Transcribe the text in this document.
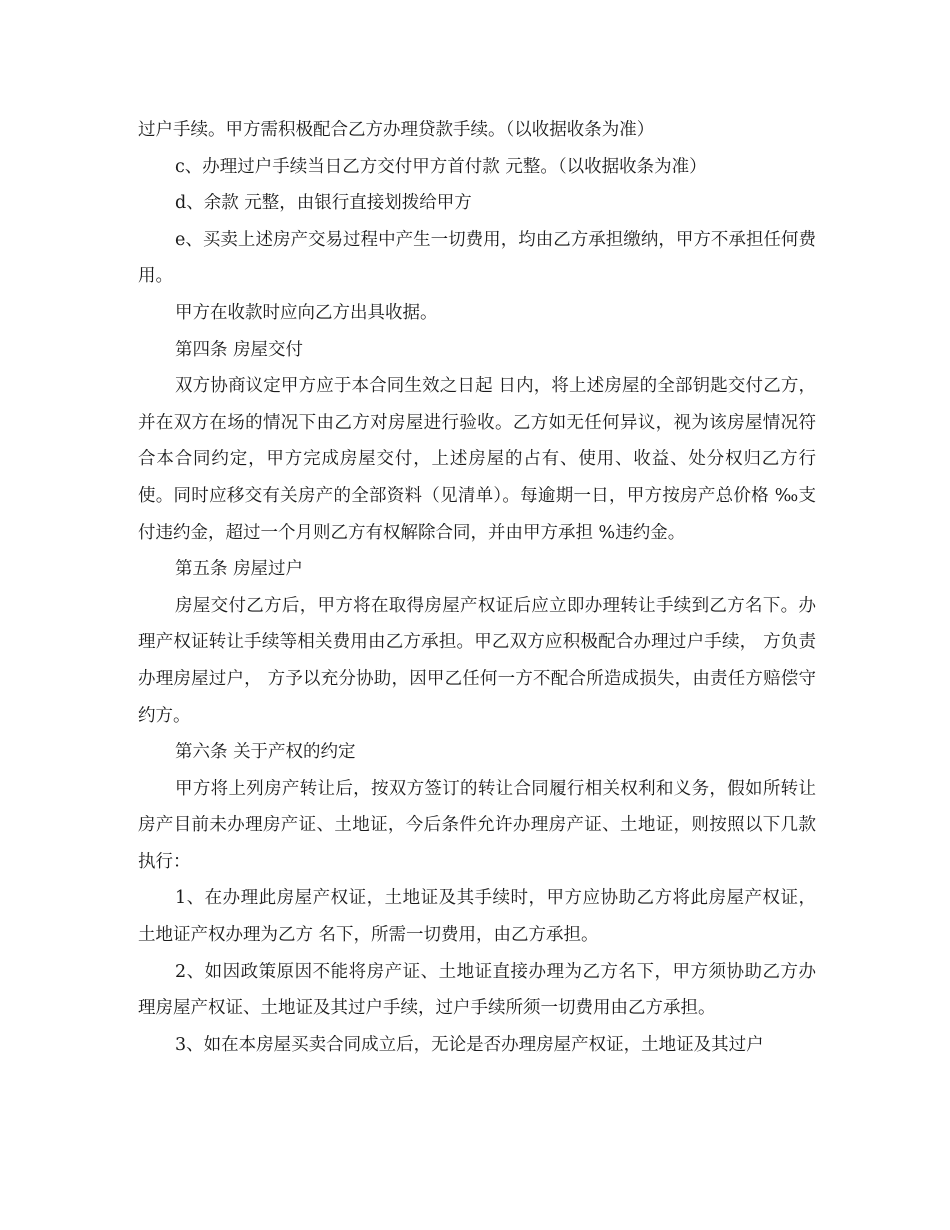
过户手续。甲方需积极配合乙方办理贷款手续。（以收据收条为准）

c、办理过户手续当日乙方交付甲方首付款 元整。（以收据收条为准）

d、余款 元整，由银行直接划拨给甲方

e、买卖上述房产交易过程中产生一切费用，均由乙方承担缴纳，甲方不承担任何费用。

甲方在收款时应向乙方出具收据。

第四条 房屋交付

双方协商议定甲方应于本合同生效之日起 日内，将上述房屋的全部钥匙交付乙方，并在双方在场的情况下由乙方对房屋进行验收。乙方如无任何异议，视为该房屋情况符合本合同约定，甲方完成房屋交付，上述房屋的占有、使用、收益、处分权归乙方行使。同时应移交有关房产的全部资料（见清单）。每逾期一日，甲方按房产总价格 ‰支付违约金，超过一个月则乙方有权解除合同，并由甲方承担 %违约金。

第五条 房屋过户

房屋交付乙方后，甲方将在取得房屋产权证后应立即办理转让手续到乙方名下。办理产权证转让手续等相关费用由乙方承担。甲乙双方应积极配合办理过户手续， 方负责办理房屋过户， 方予以充分协助，因甲乙任何一方不配合所造成损失，由责任方赔偿守约方。

第六条 关于产权的约定

甲方将上列房产转让后，按双方签订的转让合同履行相关权利和义务，假如所转让房产目前未办理房产证、土地证，今后条件允许办理房产证、土地证，则按照以下几款执行：

1、在办理此房屋产权证，土地证及其手续时，甲方应协助乙方将此房屋产权证，土地证产权办理为乙方 名下，所需一切费用，由乙方承担。

2、如因政策原因不能将房产证、土地证直接办理为乙方名下，甲方须协助乙方办理房屋产权证、土地证及其过户手续，过户手续所须一切费用由乙方承担。

3、如在本房屋买卖合同成立后，无论是否办理房屋产权证，土地证及其过户
